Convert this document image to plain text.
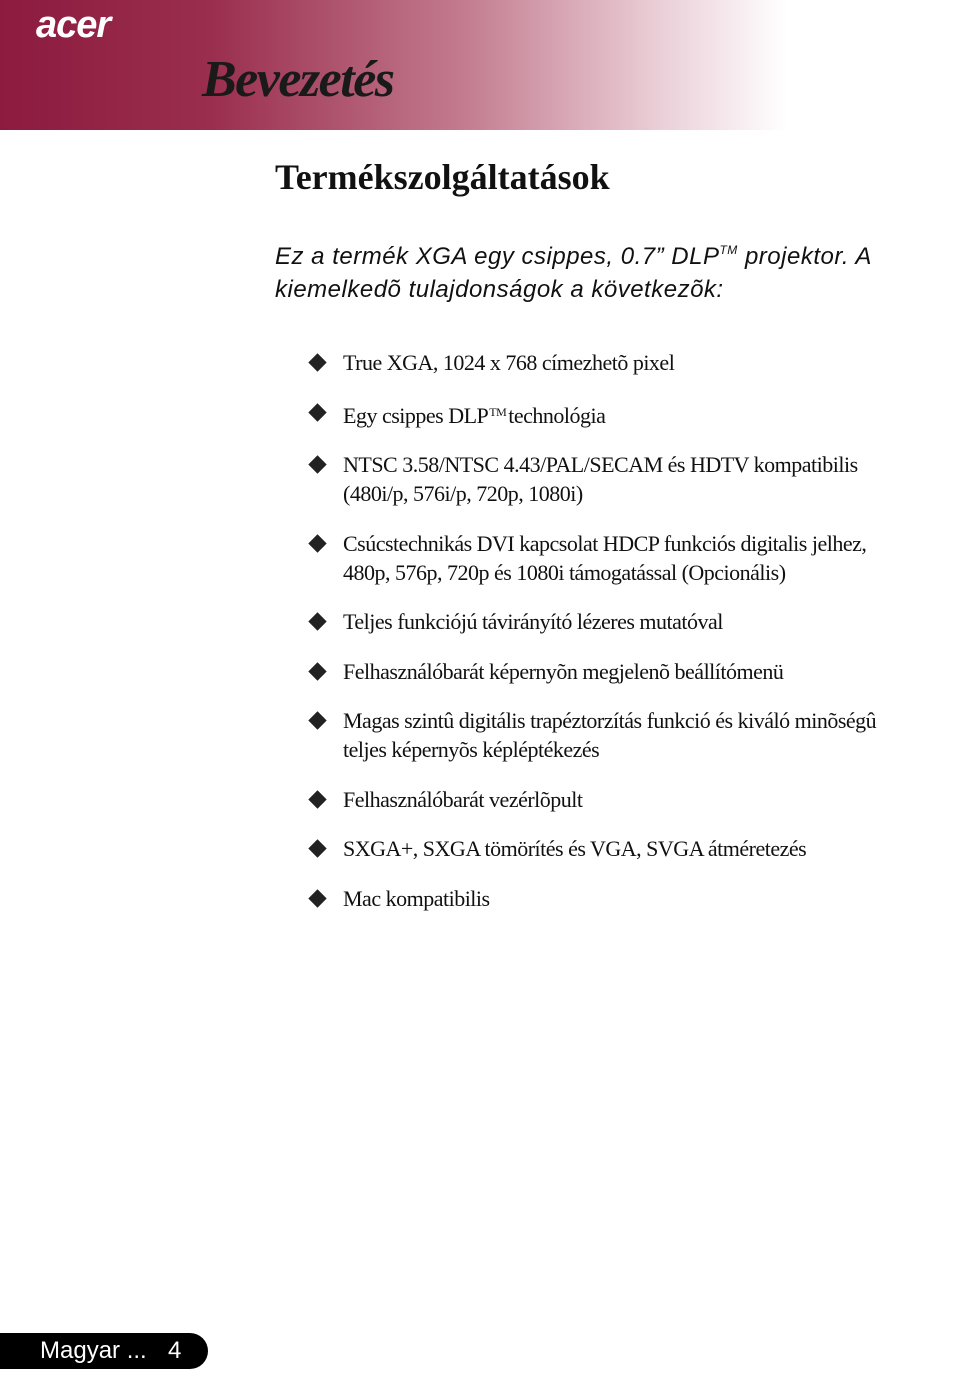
acer
Bevezetés
Termékszolgáltatások
Ez a termék XGA egy csippes, 0.7” DLP™ projektor. A
kiemelkedõ tulajdonságok a következõk:
True XGA, 1024 x 768 címezhetõ pixel
Egy csippes DLP™technológia
NTSC 3.58/NTSC 4.43/PAL/SECAM és HDTV kompatibilis
(480i/p, 576i/p, 720p, 1080i)
Csúcstechnikás DVI kapcsolat HDCP funkciós digitalis jelhez,
480p, 576p, 720p és 1080i támogatással (Opcionális)
Teljes funkciójú távirányító lézeres mutatóval
Felhasználóbarát képernyõn megjelenõ beállítómenü
Magas szintû digitális trapéztorzítás funkció és kiváló minõségû
teljes képernyõs képléptékezés
Felhasználóbarát vezérlõpult
SXGA+, SXGA tömörítés és VGA, SVGA átméretezés
Mac kompatibilis
Magyar ... 4
